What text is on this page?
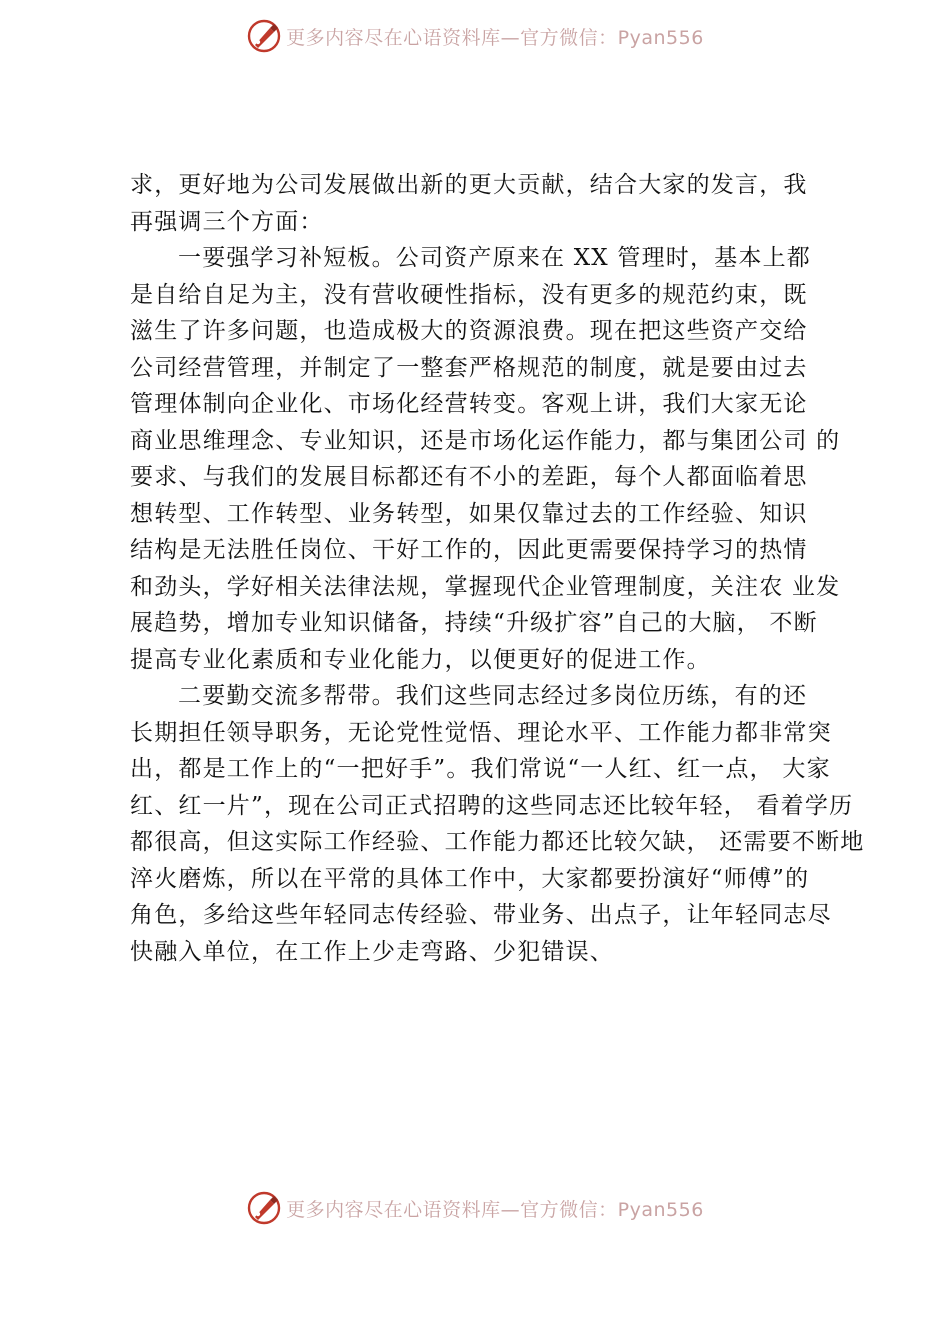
更多内容尽在心语资料库—官方微信：Pyan556
求，更好地为公司发展做出新的更大贡献，结合大家的发言，我
再强调三个方面：
一要强学习补短板。公司资产原来在 XX 管理时，基本上都
是自给自足为主，没有营收硬性指标，没有更多的规范约束，既
滋生了许多问题，也造成极大的资源浪费。现在把这些资产交给
公司经营管理，并制定了一整套严格规范的制度，就是要由过去
管理体制向企业化、市场化经营转变。客观上讲，我们大家无论
商业思维理念、专业知识，还是市场化运作能力，都与集团公司 的
要求、与我们的发展目标都还有不小的差距，每个人都面临着思
想转型、工作转型、业务转型，如果仅靠过去的工作经验、知识
结构是无法胜任岗位、干好工作的，因此更需要保持学习的热情
和劲头，学好相关法律法规，掌握现代企业管理制度，关注农 业发
展趋势，增加专业知识储备，持续“升级扩容”自己的大脑， 不断
提高专业化素质和专业化能力，以便更好的促进工作。
二要勤交流多帮带。我们这些同志经过多岗位历练，有的还
长期担任领导职务，无论党性觉悟、理论水平、工作能力都非常突
出，都是工作上的“一把好手”。我们常说“一人红、红一点， 大家
红、红一片”，现在公司正式招聘的这些同志还比较年轻， 看着学历
都很高，但这实际工作经验、工作能力都还比较欠缺， 还需要不断地
淬火磨炼，所以在平常的具体工作中，大家都要扮演好“师傅”的
角色，多给这些年轻同志传经验、带业务、出点子，让年轻同志尽
快融入单位，在工作上少走弯路、少犯错误、
更多内容尽在心语资料库—官方微信：Pyan556
